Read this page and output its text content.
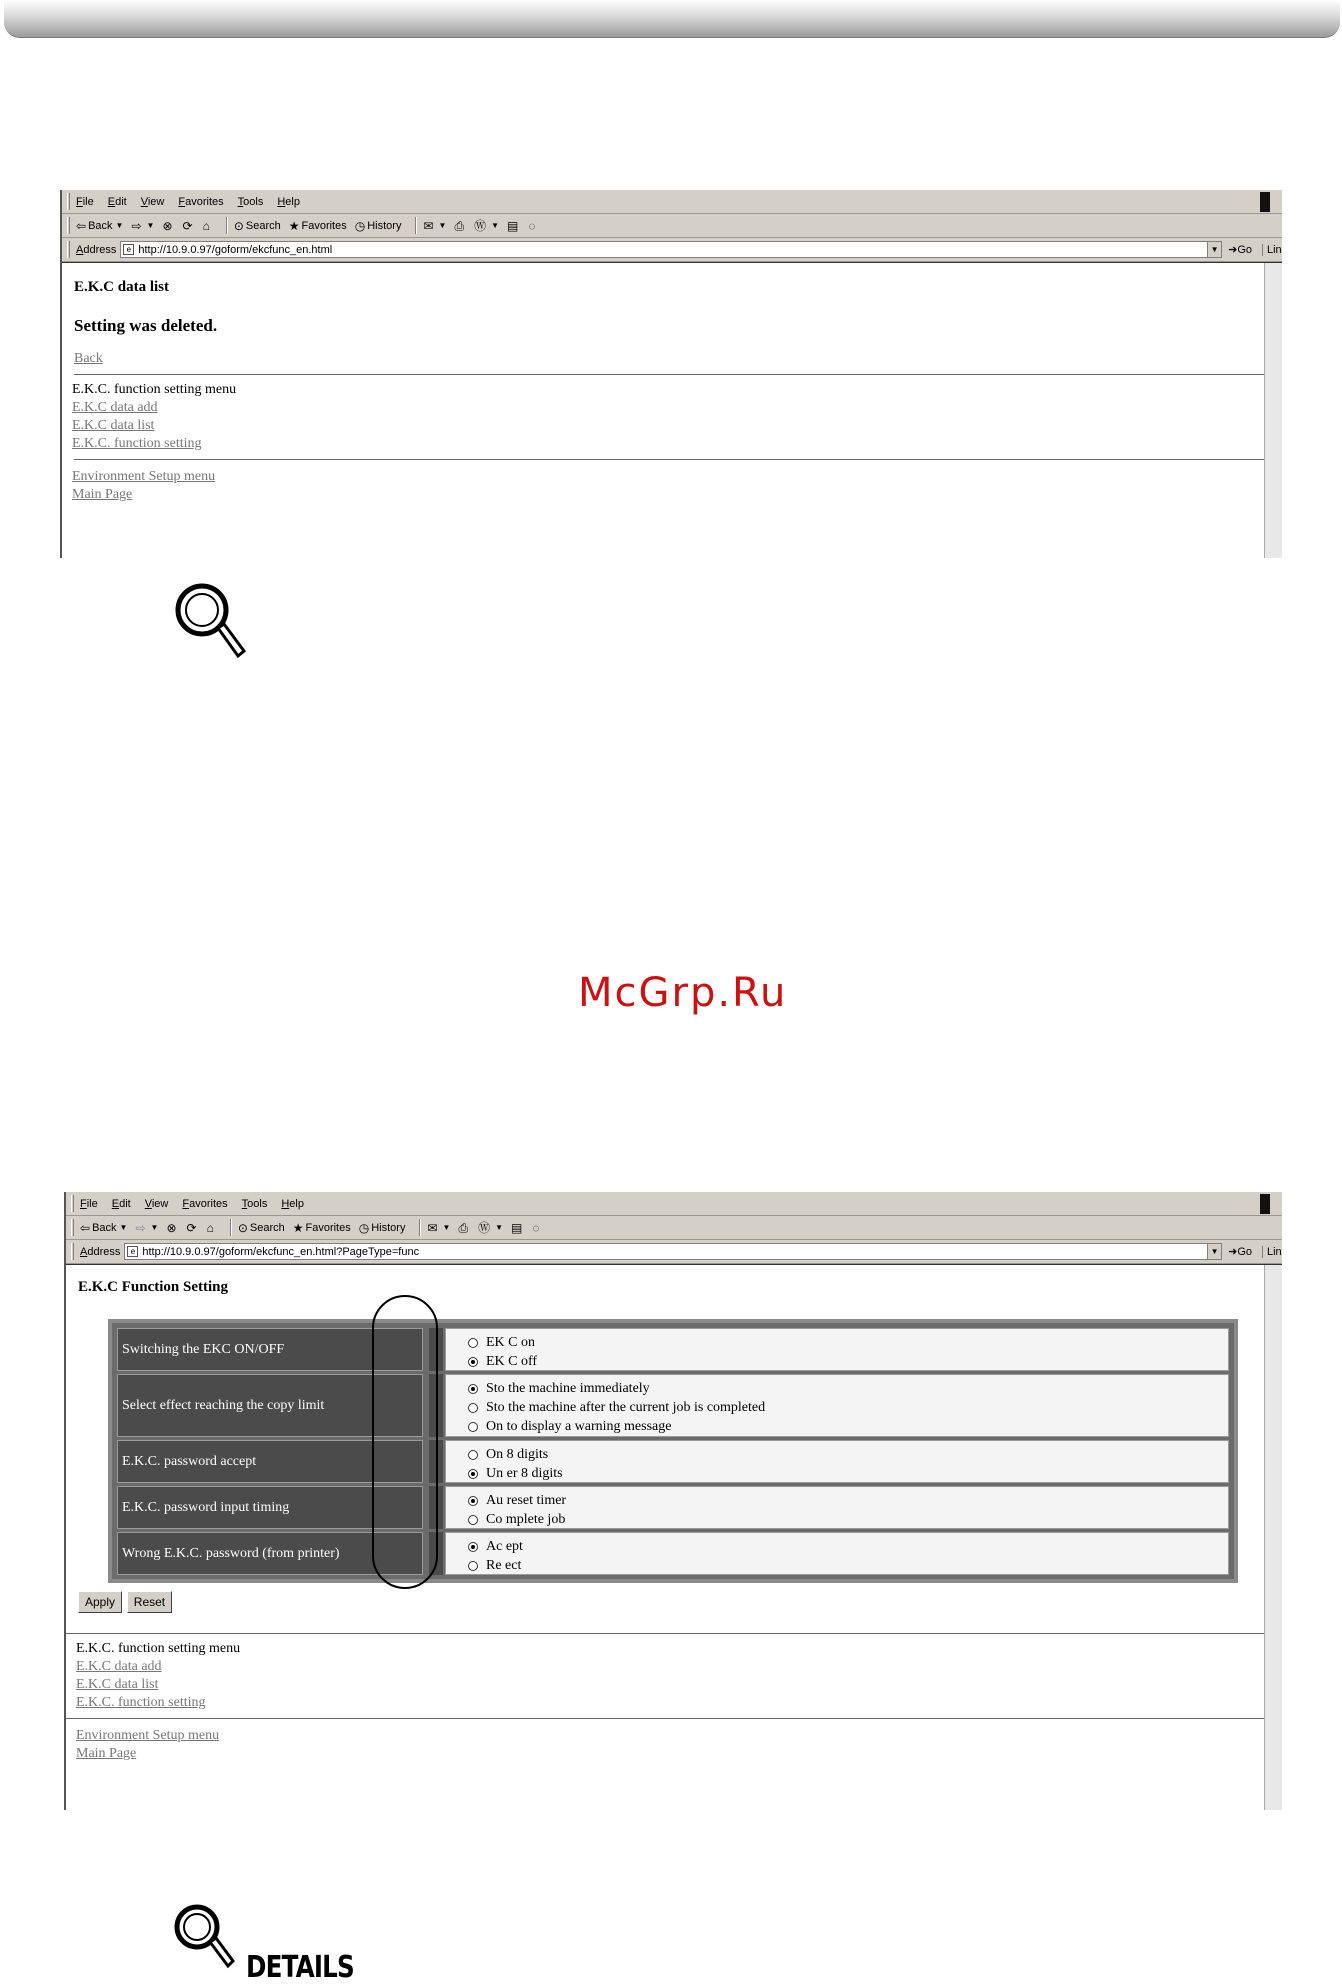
File Edit View Favorites Tools Help
⇦ Back ▼ ⇨ ▼ ⊗ ⟳ ⌂ ⊙ Search ★ Favorites ◷ History ✉ ▼ ⎙ Ⓦ ▼ ▤ ◌
Address	e http://10.9.0.97/goform/ekcfunc_en.html	▼ ➜Go	Lin

E.K.C data list

Setting was deleted.

Back
E.K.C. function setting menu
E.K.C data add
E.K.C data list
E.K.C. function setting
Environment Setup menu
Main Page
McGrp.Ru
File Edit View Favorites Tools Help
⇦ Back ▼ ⇨ ▼ ⊗ ⟳ ⌂ ⊙ Search ★ Favorites ◷ History ✉ ▼ ⎙ Ⓦ ▼ ▤ ◌
Address	e http://10.9.0.97/goform/ekcfunc_en.html?PageType=func	▼ ➜Go	Lin

E.K.C Function Setting

Switching the EKC ON/OFF	EK C on
EK C off
Select effect reaching the copy limit
Sto the machine immediately
Sto the machine after the current job is completed
On to display a warning message
E.K.C. password accept	On 8 digits
Un er 8 digits
E.K.C. password input timing	Au reset timer
Co mplete job
Wrong E.K.C. password (from printer)	Ac ept
Re ect
Apply Reset
E.K.C. function setting menu
E.K.C data add
E.K.C data list
E.K.C. function setting
Environment Setup menu
Main Page
DETAILS
